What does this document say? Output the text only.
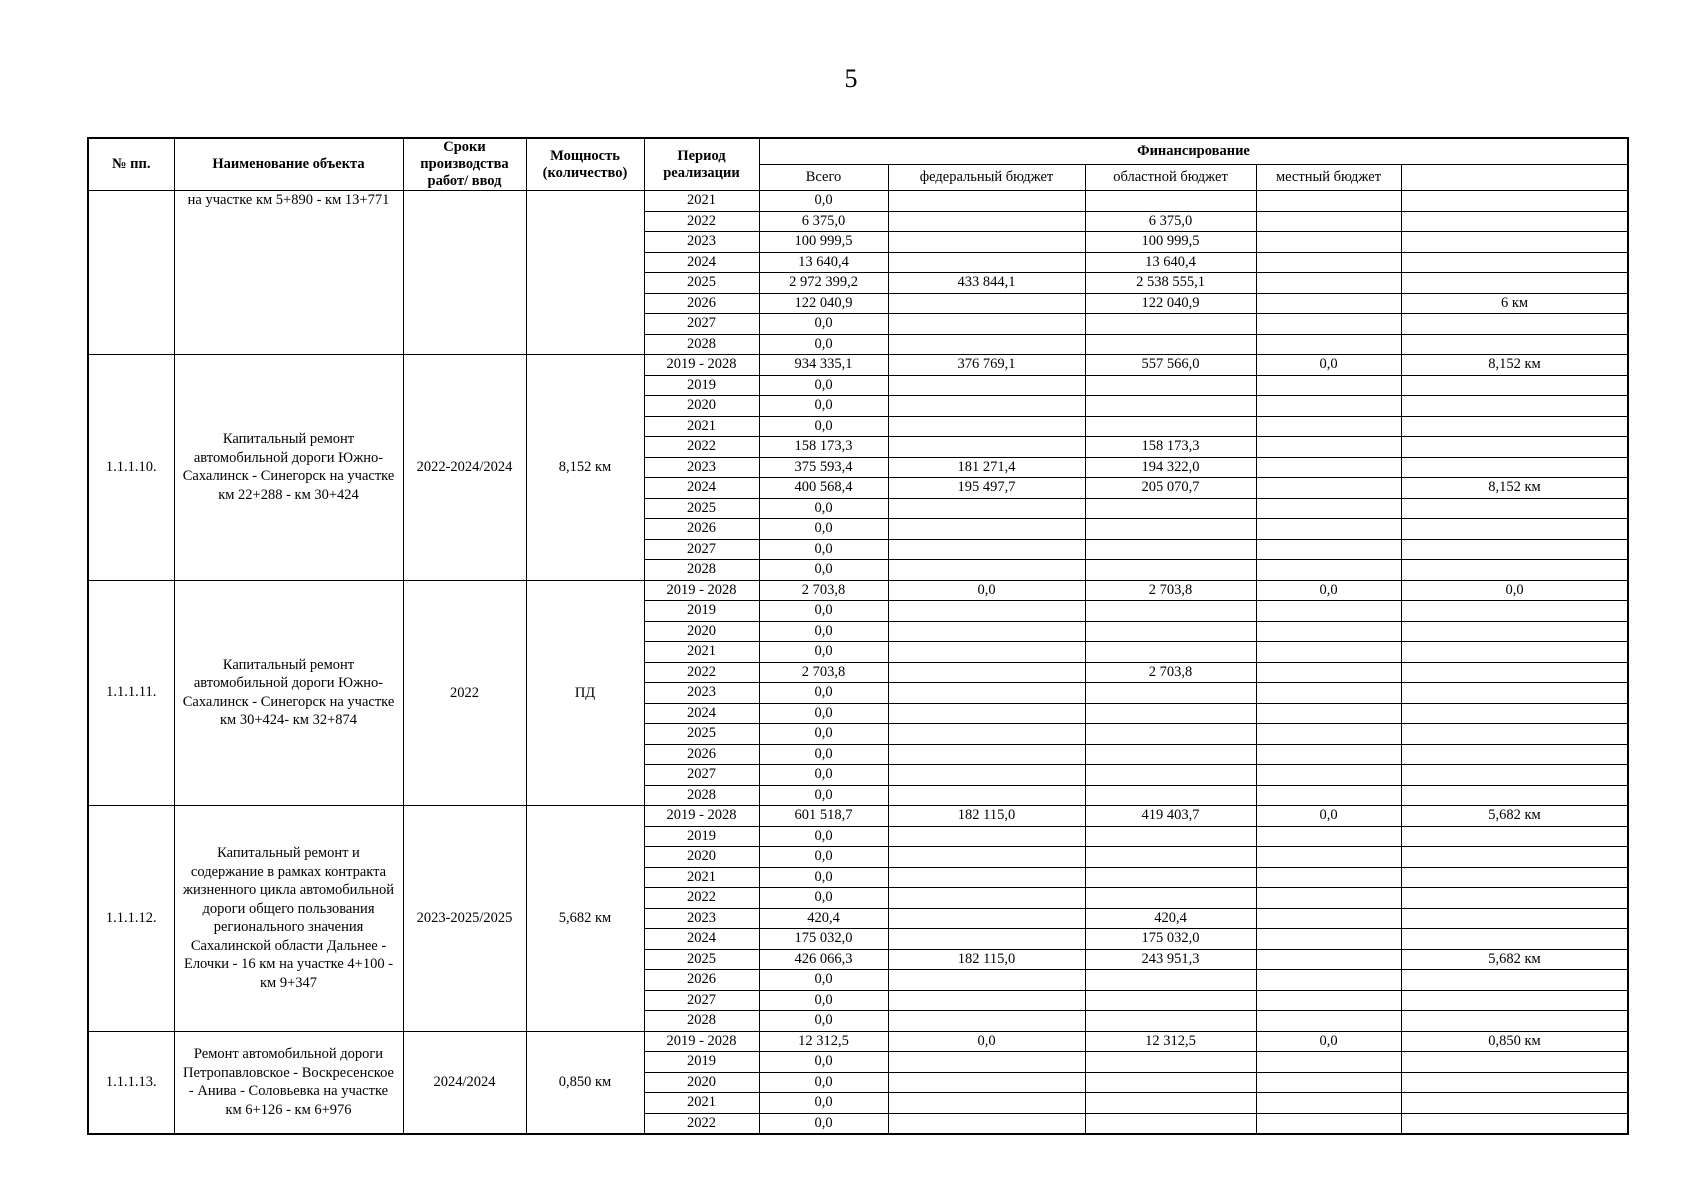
5
№ пп.	Наименование объекта	Сроки производства работ/ ввод	Мощность (количество)	Период реализации	Финансирование	
					Всего	федеральный бюджет	областной бюджет	местный бюджет		
	на участке км 5+890 - км 13+771			2021	0,0					
				2022	6 375,0		6 375,0			
				2023	100 999,5		100 999,5			
				2024	13 640,4		13 640,4			
				2025	2 972 399,2	433 844,1	2 538 555,1			
				2026	122 040,9		122 040,9		6 км	
				2027	0,0					
				2028	0,0					
1.1.1.10.	Капитальный ремонт автомобильной дороги Южно-Сахалинск - Синегорск на участке км 22+288 - км 30+424	2022-2024/2024	8,152 км	2019 - 2028	934 335,1	376 769,1	557 566,0	0,0	8,152 км	
				2019	0,0					
				2020	0,0					
				2021	0,0					
				2022	158 173,3		158 173,3			
				2023	375 593,4	181 271,4	194 322,0			
				2024	400 568,4	195 497,7	205 070,7		8,152 км	
				2025	0,0					
				2026	0,0					
				2027	0,0					
				2028	0,0					
1.1.1.11.	Капитальный ремонт автомобильной дороги Южно-Сахалинск - Синегорск на участке км 30+424- км 32+874	2022	ПД	2019 - 2028	2 703,8	0,0	2 703,8	0,0	0,0	
				2019	0,0					
				2020	0,0					
				2021	0,0					
				2022	2 703,8		2 703,8			
				2023	0,0					
				2024	0,0					
				2025	0,0					
				2026	0,0					
				2027	0,0					
				2028	0,0					
1.1.1.12.	Капитальный ремонт и содержание в рамках контракта жизненного цикла автомобильной дороги общего пользования регионального значения Сахалинской области Дальнее - Елочки - 16 км на участке 4+100 - км 9+347	2023-2025/2025	5,682 км	2019 - 2028	601 518,7	182 115,0	419 403,7	0,0	5,682 км	
				2019	0,0					
				2020	0,0					
				2021	0,0					
				2022	0,0					
				2023	420,4		420,4			
				2024	175 032,0		175 032,0			
				2025	426 066,3	182 115,0	243 951,3		5,682 км	
				2026	0,0					
				2027	0,0					
				2028	0,0					
1.1.1.13.	Ремонт автомобильной дороги Петропавловское - Воскресенское - Анива - Соловьевка на участке км 6+126 - км 6+976	2024/2024	0,850 км	2019 - 2028	12 312,5	0,0	12 312,5	0,0	0,850 км	
				2019	0,0					
				2020	0,0					
				2021	0,0					
				2022	0,0					
